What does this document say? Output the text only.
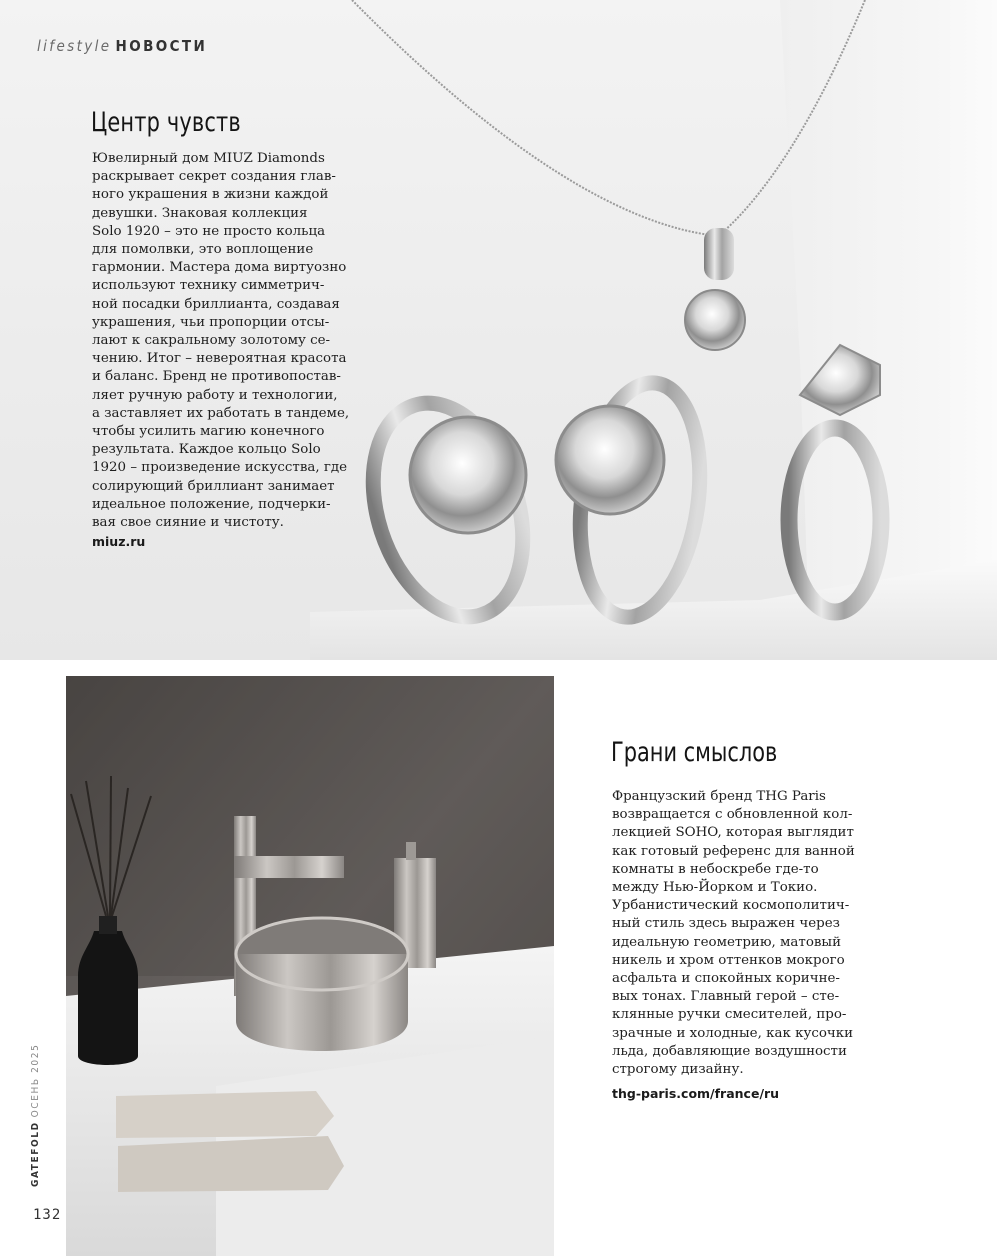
lifestyle НОВОСТИ
Центр чувств

Ювелирный дом MIUZ Diamonds
раскрывает секрет создания глав-
ного украшения в жизни каждой
девушки. Знаковая коллекция
Solo 1920 – это не просто кольца
для помолвки, это воплощение
гармонии. Мастера дома виртуозно
используют технику симметрич-
ной посадки бриллианта, создавая
украшения, чьи пропорции отсы-
лают к сакральному золотому се-
чению. Итог – невероятная красота
и баланс. Бренд не противопостав-
ляет ручную работу и технологии,
а заставляет их работать в тандеме,
чтобы усилить магию конечного
результата. Каждое кольцо Solo
1920 – произведение искусства, где
солирующий бриллиант занимает
идеальное положение, подчерки-
вая свое сияние и чистоту.

miuz.ru
Грани смыслов

Французский бренд THG Paris
возвращается с обновленной кол-
лекцией SOHO, которая выглядит
как готовый референс для ванной
комнаты в небоскребе где-то
между Нью-Йорком и Токио.
Урбанистический космополитич-
ный стиль здесь выражен через
идеальную геометрию, матовый
никель и хром оттенков мокрого
асфальта и спокойных коричне-
вых тонах. Главный герой – сте-
клянные ручки смесителей, про-
зрачные и холодные, как кусочки
льда, добавляющие воздушности
строгому дизайну.

thg-paris.com/france/ru
GATEFOLDОСЕНЬ 2025
132
